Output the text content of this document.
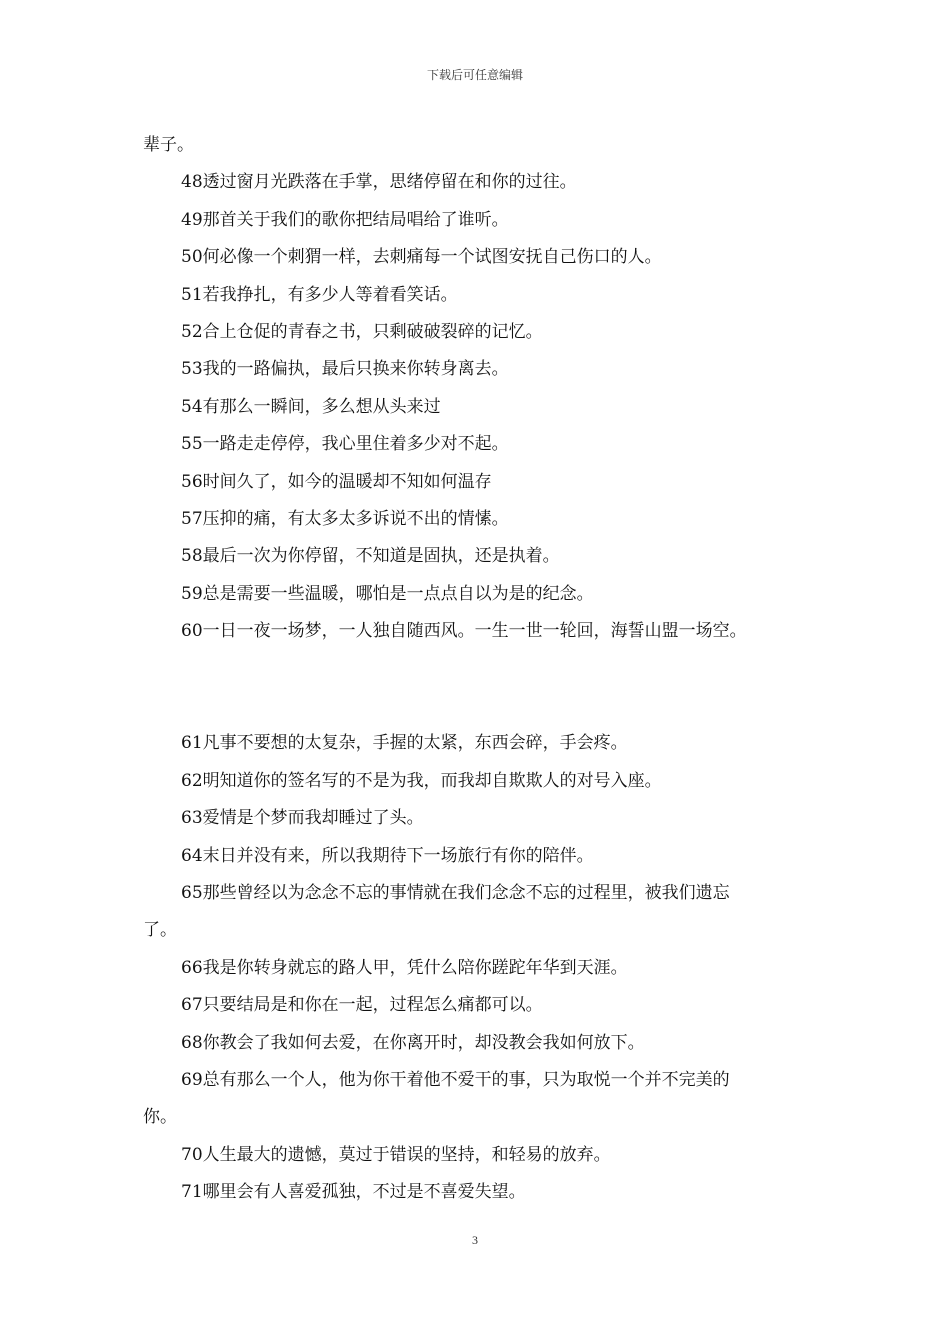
下载后可任意编辑
辈子。
48透过窗月光跌落在手掌，思绪停留在和你的过往。
49那首关于我们的歌你把结局唱给了谁听。
50何必像一个刺猬一样，去刺痛每一个试图安抚自己伤口的人。
51若我挣扎，有多少人等着看笑话。
52合上仓促的青春之书，只剩破破裂碎的记忆。
53我的一路偏执，最后只换来你转身离去。
54有那么一瞬间，多么想从头来过
55一路走走停停，我心里住着多少对不起。
56时间久了，如今的温暖却不知如何温存
57压抑的痛，有太多太多诉说不出的情愫。
58最后一次为你停留，不知道是固执，还是执着。
59总是需要一些温暖，哪怕是一点点自以为是的纪念。
60一日一夜一场梦，一人独自随西风。一生一世一轮回，海誓山盟一场空。
61凡事不要想的太复杂，手握的太紧，东西会碎，手会疼。
62明知道你的签名写的不是为我，而我却自欺欺人的对号入座。
63爱情是个梦而我却睡过了头。
64末日并没有来，所以我期待下一场旅行有你的陪伴。
65那些曾经以为念念不忘的事情就在我们念念不忘的过程里，被我们遗忘
了。
66我是你转身就忘的路人甲，凭什么陪你蹉跎年华到天涯。
67只要结局是和你在一起，过程怎么痛都可以。
68你教会了我如何去爱，在你离开时，却没教会我如何放下。
69总有那么一个人，他为你干着他不爱干的事，只为取悦一个并不完美的
你。
70人生最大的遗憾，莫过于错误的坚持，和轻易的放弃。
71哪里会有人喜爱孤独，不过是不喜爱失望。
3
